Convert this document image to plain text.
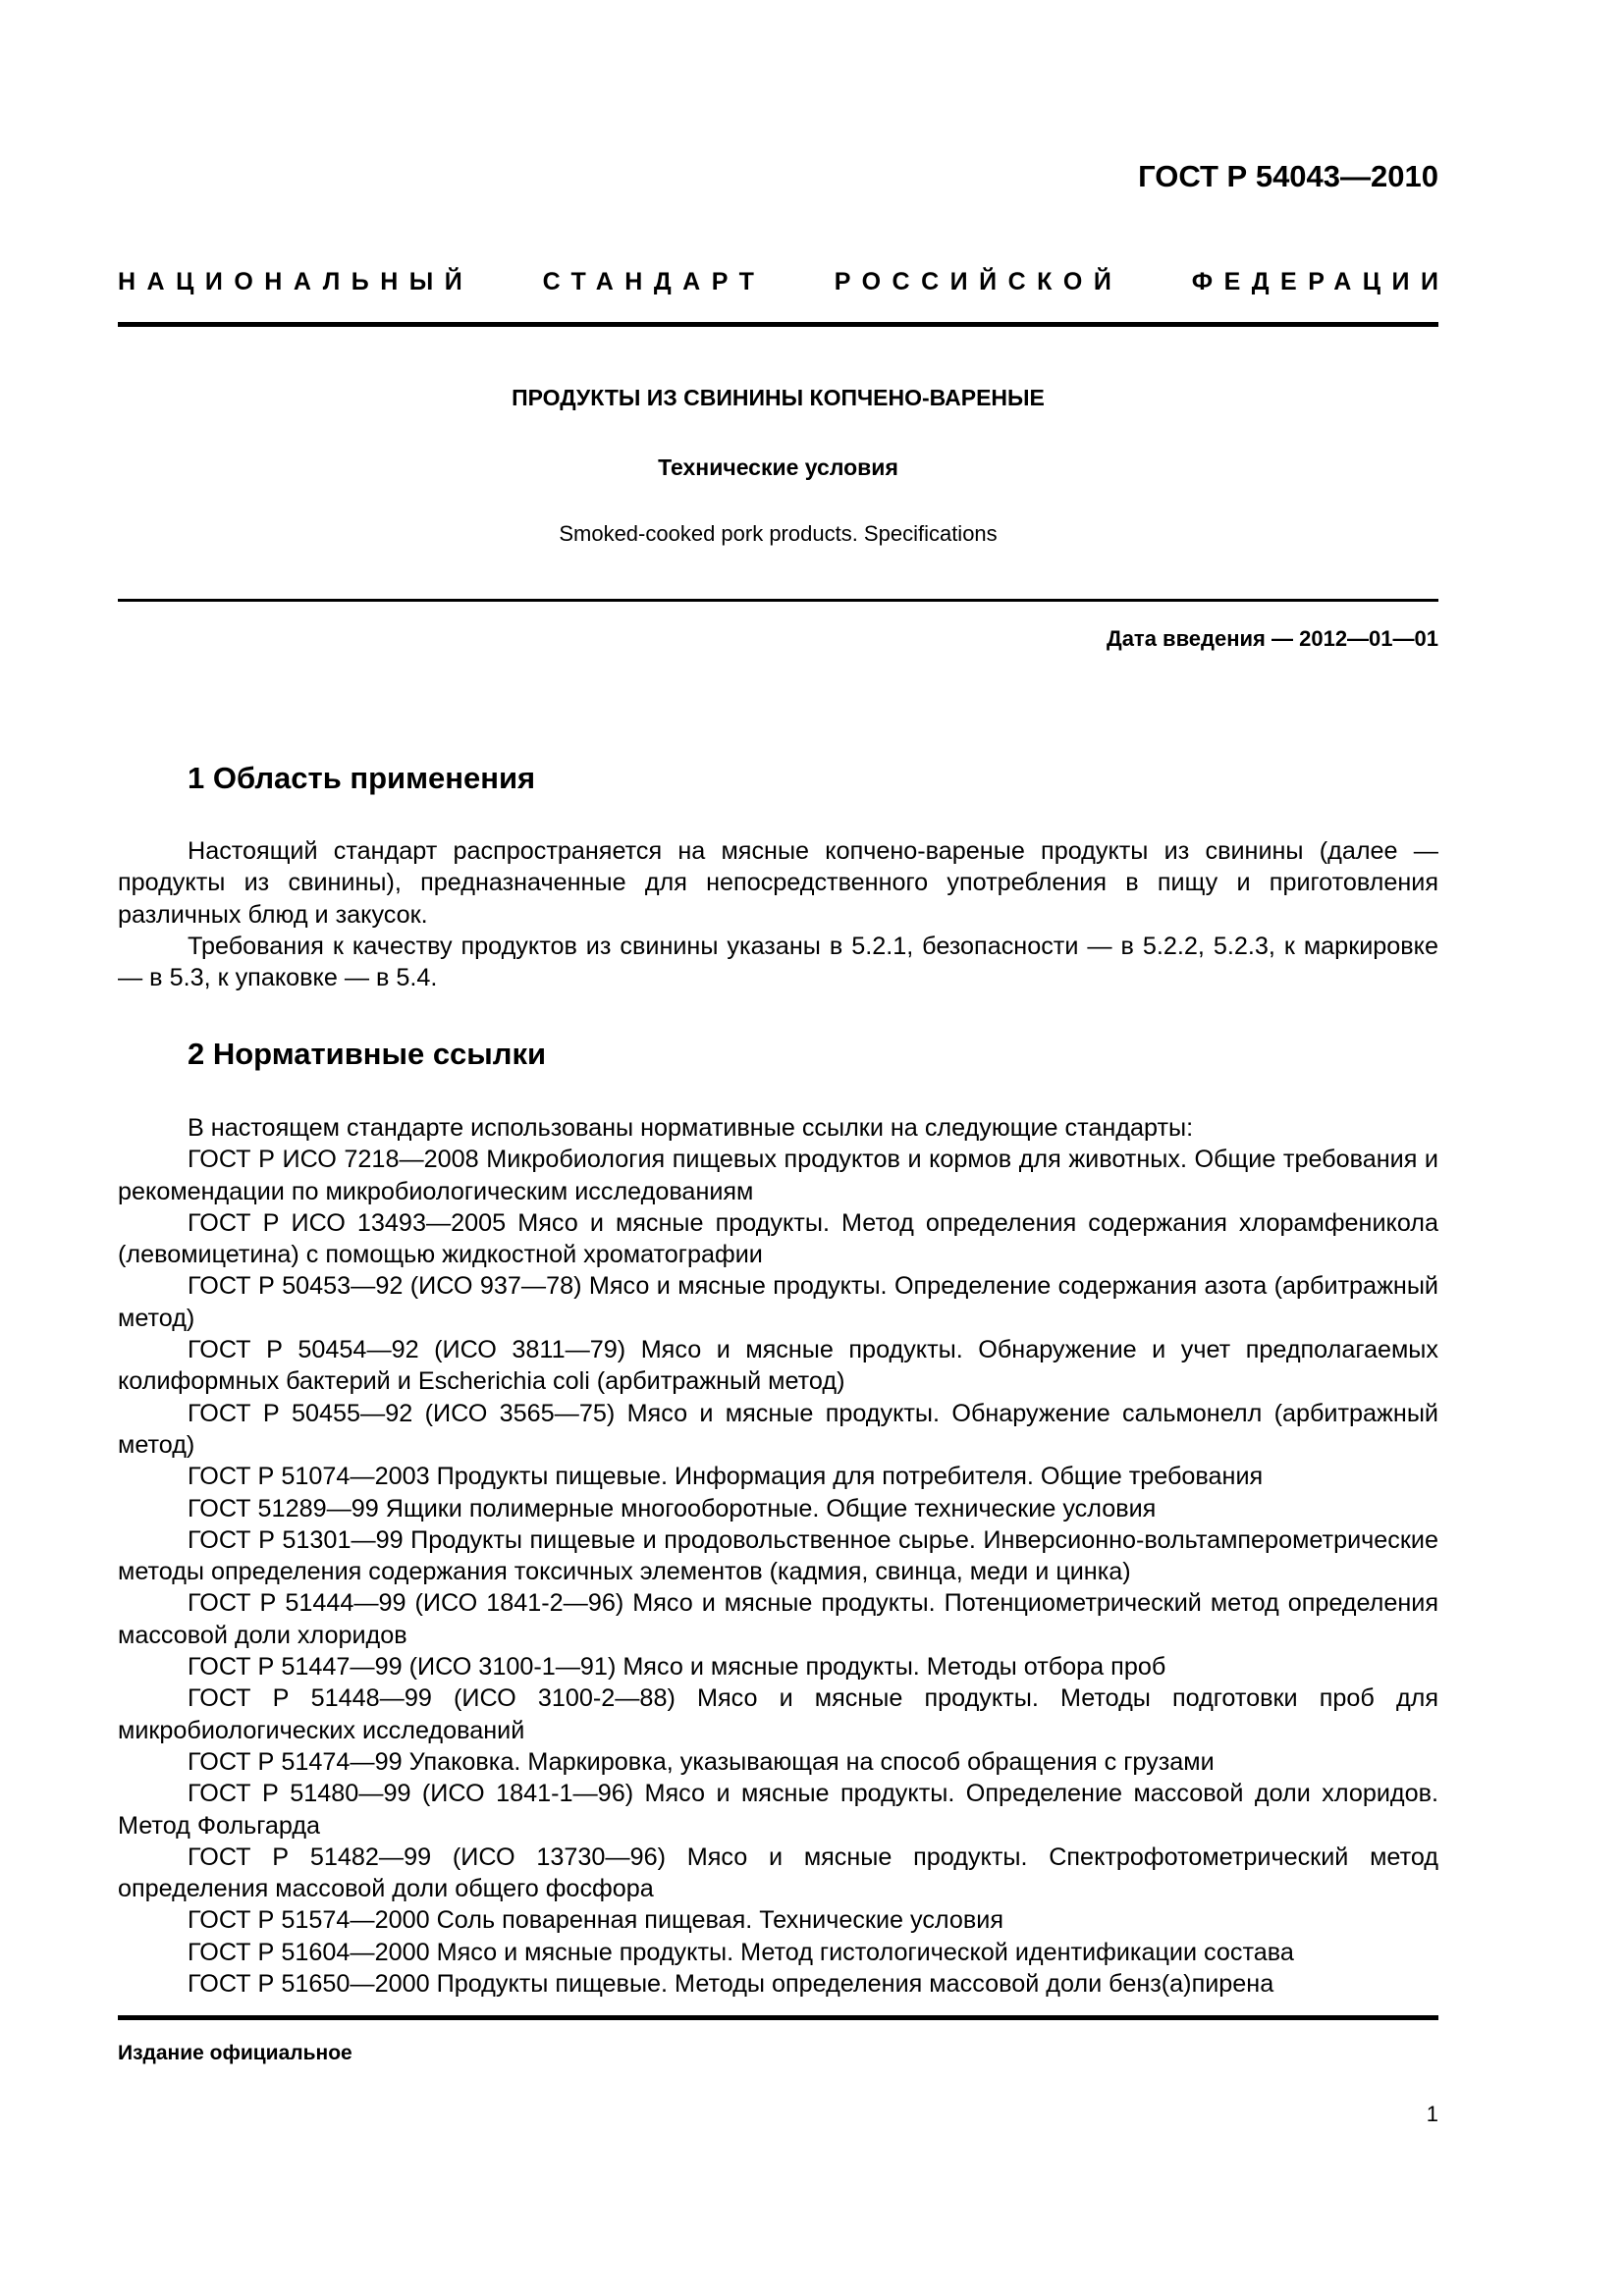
ГОСТ Р 54043—2010
НАЦИОНАЛЬНЫЙ	СТАНДАРТ	РОССИЙСКОЙ	ФЕДЕРАЦИИ
ПРОДУКТЫ ИЗ СВИНИНЫ КОПЧЕНО-ВАРЕНЫЕ
Технические условия
Smoked-cooked pork products. Specifications
Дата введения — 2012—01—01
1 Область применения

Настоящий стандарт распространяется на мясные копчено-вареные продукты из свинины (далее — продукты из свинины), предназначенные для непосредственного употребления в пищу и приготовления различных блюд и закусок.

Требования к качеству продуктов из свинины указаны в 5.2.1, безопасности — в 5.2.2, 5.2.3, к маркировке — в 5.3, к упаковке — в 5.4.

2 Нормативные ссылки

В настоящем стандарте использованы нормативные ссылки на следующие стандарты:

ГОСТ Р ИСО 7218—2008 Микробиология пищевых продуктов и кормов для животных. Общие требования и рекомендации по микробиологическим исследованиям

ГОСТ Р ИСО 13493—2005 Мясо и мясные продукты. Метод определения содержания хлорамфеникола (левомицетина) с помощью жидкостной хроматографии

ГОСТ Р 50453—92 (ИСО 937—78) Мясо и мясные продукты. Определение содержания азота (арбитражный метод)

ГОСТ Р 50454—92 (ИСО 3811—79) Мясо и мясные продукты. Обнаружение и учет предполагаемых колиформных бактерий и Escherichia coli (арбитражный метод)

ГОСТ Р 50455—92 (ИСО 3565—75) Мясо и мясные продукты. Обнаружение сальмонелл (арбитражный метод)

ГОСТ Р 51074—2003 Продукты пищевые. Информация для потребителя. Общие требования

ГОСТ 51289—99 Ящики полимерные многооборотные. Общие технические условия

ГОСТ Р 51301—99 Продукты пищевые и продовольственное сырье. Инверсионно-вольтамперометрические методы определения содержания токсичных элементов (кадмия, свинца, меди и цинка)

ГОСТ Р 51444—99 (ИСО 1841-2—96) Мясо и мясные продукты. Потенциометрический метод определения массовой доли хлоридов

ГОСТ Р 51447—99 (ИСО 3100-1—91) Мясо и мясные продукты. Методы отбора проб

ГОСТ Р 51448—99 (ИСО 3100-2—88) Мясо и мясные продукты. Методы подготовки проб для микробиологических исследований

ГОСТ Р 51474—99 Упаковка. Маркировка, указывающая на способ обращения с грузами

ГОСТ Р 51480—99 (ИСО 1841-1—96) Мясо и мясные продукты. Определение массовой доли хлоридов. Метод Фольгарда

ГОСТ Р 51482—99 (ИСО 13730—96) Мясо и мясные продукты. Спектрофотометрический метод определения массовой доли общего фосфора

ГОСТ Р 51574—2000 Соль поваренная пищевая. Технические условия

ГОСТ Р 51604—2000 Мясо и мясные продукты. Метод гистологической идентификации состава

ГОСТ Р 51650—2000 Продукты пищевые. Методы определения массовой доли бенз(а)пирена

Издание официальное
1
